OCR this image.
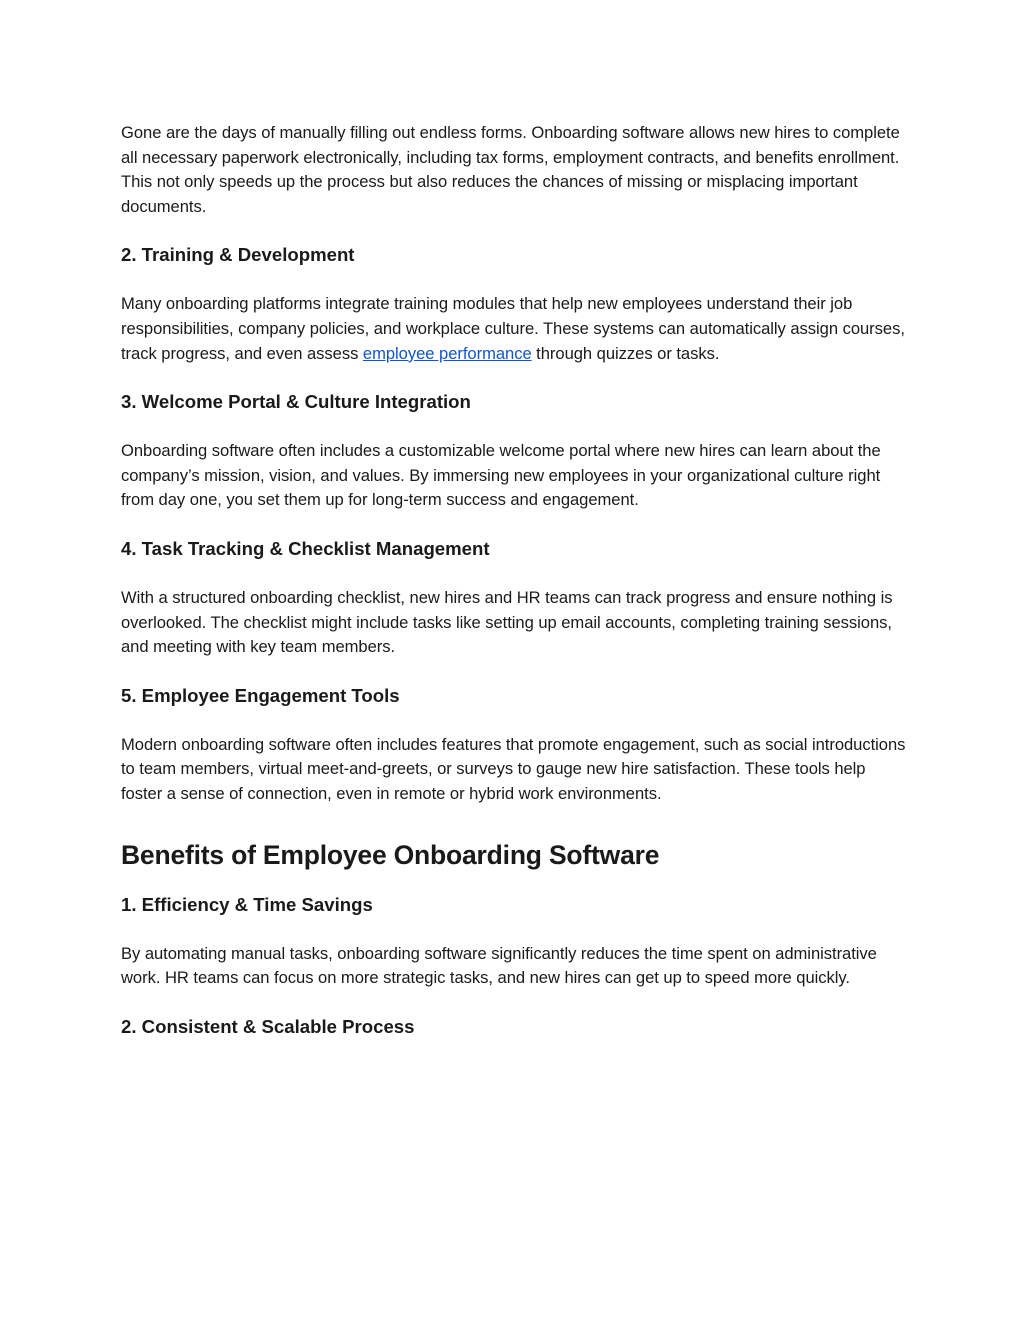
Gone are the days of manually filling out endless forms. Onboarding software allows new hires to complete all necessary paperwork electronically, including tax forms, employment contracts, and benefits enrollment. This not only speeds up the process but also reduces the chances of missing or misplacing important documents.

2. Training & Development

Many onboarding platforms integrate training modules that help new employees understand their job responsibilities, company policies, and workplace culture. These systems can automatically assign courses, track progress, and even assess employee performance through quizzes or tasks.

3. Welcome Portal & Culture Integration

Onboarding software often includes a customizable welcome portal where new hires can learn about the company’s mission, vision, and values. By immersing new employees in your organizational culture right from day one, you set them up for long-term success and engagement.

4. Task Tracking & Checklist Management

With a structured onboarding checklist, new hires and HR teams can track progress and ensure nothing is overlooked. The checklist might include tasks like setting up email accounts, completing training sessions, and meeting with key team members.

5. Employee Engagement Tools

Modern onboarding software often includes features that promote engagement, such as social introductions to team members, virtual meet-and-greets, or surveys to gauge new hire satisfaction. These tools help foster a sense of connection, even in remote or hybrid work environments.

Benefits of Employee Onboarding Software
1. Efficiency & Time Savings

By automating manual tasks, onboarding software significantly reduces the time spent on administrative work. HR teams can focus on more strategic tasks, and new hires can get up to speed more quickly.

2. Consistent & Scalable Process
